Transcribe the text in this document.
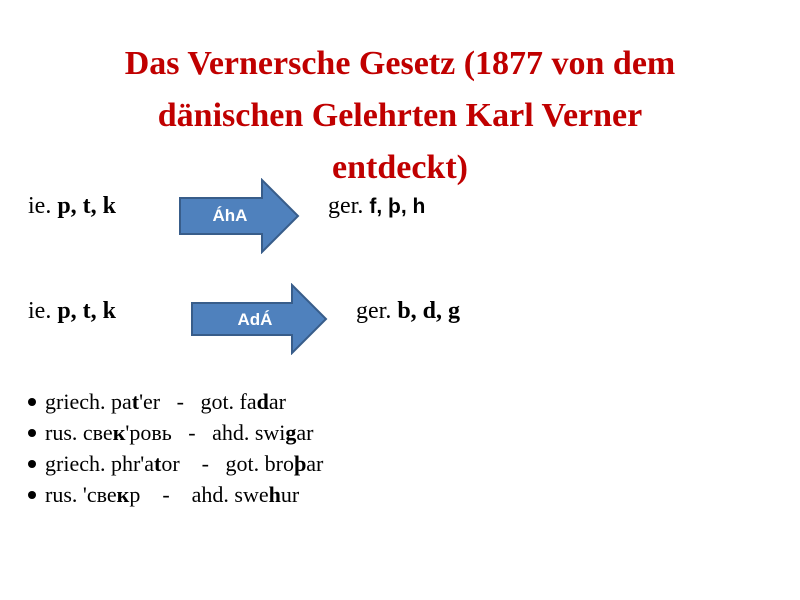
Das Vernersche Gesetz (1877 von dem
dänischen Gelehrten Karl Verner
entdeckt)
ie. p, t, k	ÁhA	ger. f, þ, h
ie. p, t, k	AdÁ	ger. b, d, g
griech. pat'er   -   got. fadar
rus. свек'ровь   -   ahd. swigar
griech. phr'ator    -   got. broþar
rus. 'свекр    -    ahd. swehur
